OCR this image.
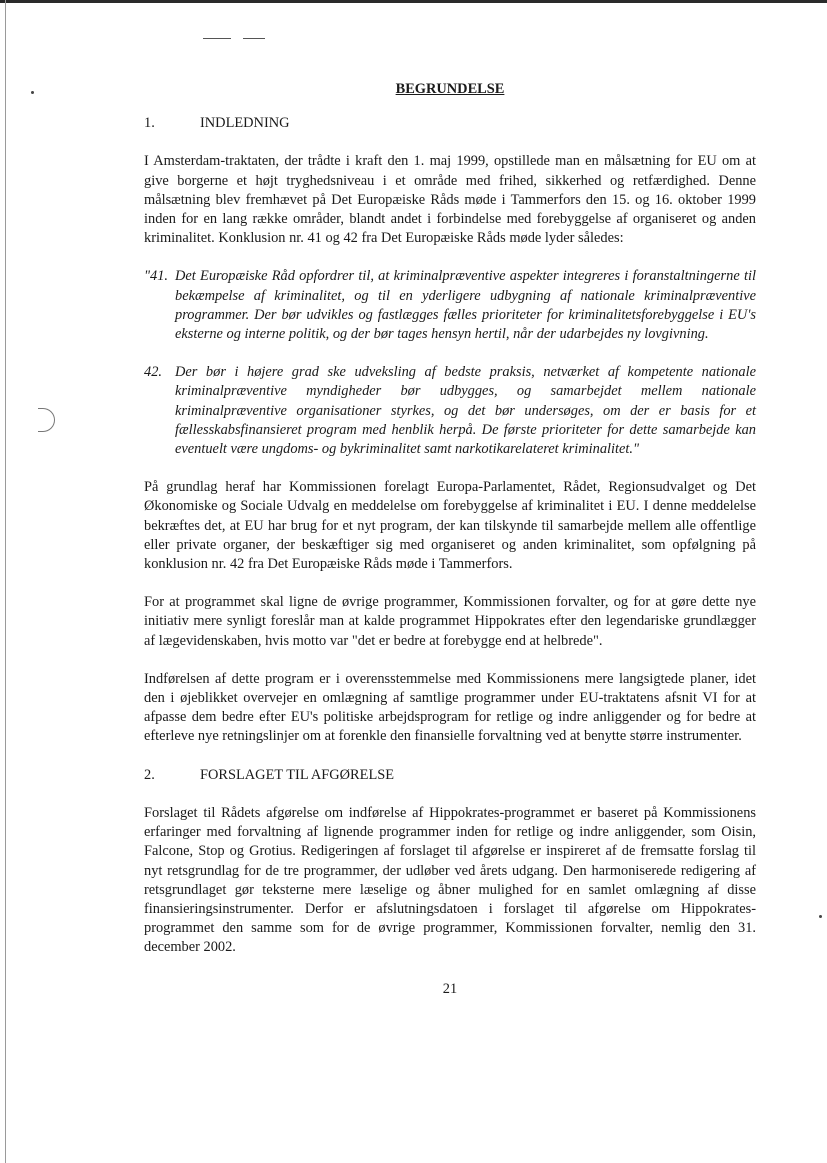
BEGRUNDELSE
1.	INDLEDNING

I Amsterdam-traktaten, der trådte i kraft den 1. maj 1999, opstillede man en målsætning for EU om at give borgerne et højt tryghedsniveau i et område med frihed, sikkerhed og retfærdighed. Denne målsætning blev fremhævet på Det Europæiske Råds møde i Tammerfors den 15. og 16. oktober 1999 inden for en lang række områder, blandt andet i forbindelse med forebyggelse af organiseret og anden kriminalitet. Konklusion nr. 41 og 42 fra Det Europæiske Råds møde lyder således:

"41. Det Europæiske Råd opfordrer til, at kriminalpræventive aspekter integreres i foranstaltningerne til bekæmpelse af kriminalitet, og til en yderligere udbygning af nationale kriminalpræventive programmer. Der bør udvikles og fastlægges fælles prioriteter for kriminalitetsforebyggelse i EU's eksterne og interne politik, og der bør tages hensyn hertil, når der udarbejdes ny lovgivning.
42. Der bør i højere grad ske udveksling af bedste praksis, netværket af kompetente nationale kriminalpræventive myndigheder bør udbygges, og samarbejdet mellem nationale kriminalpræventive organisationer styrkes, og det bør undersøges, om der er basis for et fællesskabsfinansieret program med henblik herpå. De første prioriteter for dette samarbejde kan eventuelt være ungdoms- og bykriminalitet samt narkotikarelateret kriminalitet."

På grundlag heraf har Kommissionen forelagt Europa-Parlamentet, Rådet, Regionsudvalget og Det Økonomiske og Sociale Udvalg en meddelelse om forebyggelse af kriminalitet i EU. I denne meddelelse bekræftes det, at EU har brug for et nyt program, der kan tilskynde til samarbejde mellem alle offentlige eller private organer, der beskæftiger sig med organiseret og anden kriminalitet, som opfølgning på konklusion nr. 42 fra Det Europæiske Råds møde i Tammerfors.

For at programmet skal ligne de øvrige programmer, Kommissionen forvalter, og for at gøre dette nye initiativ mere synligt foreslår man at kalde programmet Hippokrates efter den legendariske grundlægger af lægevidenskaben, hvis motto var "det er bedre at forebygge end at helbrede".

Indførelsen af dette program er i overensstemmelse med Kommissionens mere langsigtede planer, idet den i øjeblikket overvejer en omlægning af samtlige programmer under EU-traktatens afsnit VI for at afpasse dem bedre efter EU's politiske arbejdsprogram for retlige og indre anliggender og for bedre at efterleve nye retningslinjer om at forenkle den finansielle forvaltning ved at benytte større instrumenter.

2.	FORSLAGET TIL AFGØRELSE

Forslaget til Rådets afgørelse om indførelse af Hippokrates-programmet er baseret på Kommissionens erfaringer med forvaltning af lignende programmer inden for retlige og indre anliggender, som Oisin, Falcone, Stop og Grotius. Redigeringen af forslaget til afgørelse er inspireret af de fremsatte forslag til nyt retsgrundlag for de tre programmer, der udløber ved årets udgang. Den harmoniserede redigering af retsgrundlaget gør teksterne mere læselige og åbner mulighed for en samlet omlægning af disse finansieringsinstrumenter. Derfor er afslutningsdatoen i forslaget til afgørelse om Hippokrates-programmet den samme som for de øvrige programmer, Kommissionen forvalter, nemlig den 31. december 2002.

21
